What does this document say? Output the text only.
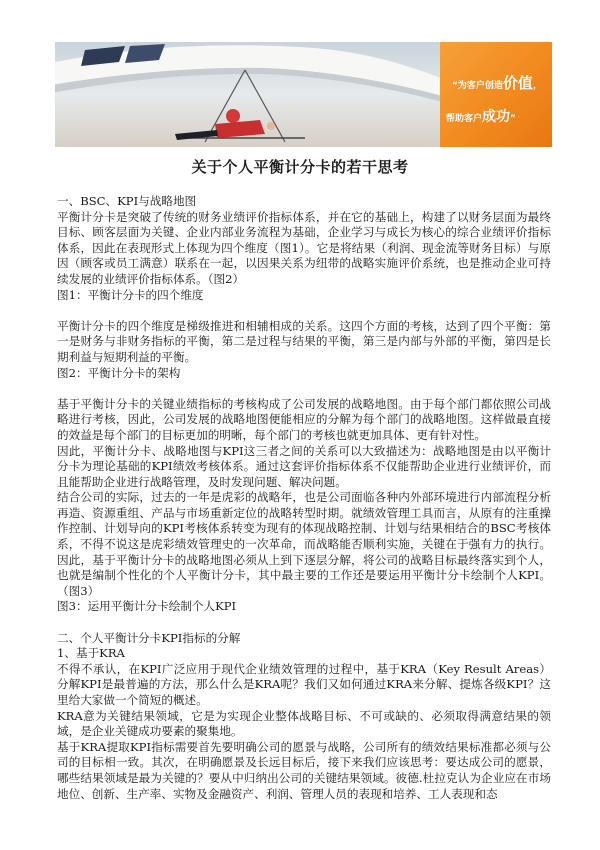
“为客户创造价值，
帮助客户成功”
关于个人平衡计分卡的若干思考

一、BSC、KPI与战略地图

平衡计分卡是突破了传统的财务业绩评价指标体系，并在它的基础上，构建了以财务层面为最终目标、顾客层面为关键、企业内部业务流程为基础，企业学习与成长为核心的综合业绩评价指标体系，因此在表现形式上体现为四个维度（图1）。它是将结果（利润、现金流等财务目标）与原因（顾客或员工满意）联系在一起，以因果关系为纽带的战略实施评价系统，也是推动企业可持续发展的业绩评价指标体系。（图2）

图1：平衡计分卡的四个维度

平衡计分卡的四个维度是梯级推进和相辅相成的关系。这四个方面的考核，达到了四个平衡：第一是财务与非财务指标的平衡，第二是过程与结果的平衡，第三是内部与外部的平衡，第四是长期利益与短期利益的平衡。

图2：平衡计分卡的架构

基于平衡计分卡的关键业绩指标的考核构成了公司发展的战略地图。由于每个部门都依照公司战略进行考核，因此，公司发展的战略地图便能相应的分解为每个部门的战略地图。这样做最直接的效益是每个部门的目标更加的明晰，每个部门的考核也就更加具体、更有针对性。

因此，平衡计分卡、战略地图与KPI这三者之间的关系可以大致描述为：战略地图是由以平衡计分卡为理论基础的KPI绩效考核体系。通过这套评价指标体系不仅能帮助企业进行业绩评价，而且能帮助企业进行战略管理，及时发现问题、解决问题。

结合公司的实际，过去的一年是虎彩的战略年，也是公司面临各种内外部环境进行内部流程分析再造、资源重组、产品与市场重新定位的战略转型时期。就绩效管理工具而言，从原有的注重操作控制、计划导向的KPI考核体系转变为现有的体现战略控制、计划与结果相结合的BSC考核体系，不得不说这是虎彩绩效管理史的一次革命，而战略能否顺利实施，关键在于强有力的执行。因此，基于平衡计分卡的战略地图必须从上到下逐层分解，将公司的战略目标最终落实到个人，也就是编制个性化的个人平衡计分卡，其中最主要的工作还是要运用平衡计分卡绘制个人KPI。（图3）

图3：运用平衡计分卡绘制个人KPI

二、个人平衡计分卡KPI指标的分解

1、基于KRA

不得不承认，在KPI广泛应用于现代企业绩效管理的过程中，基于KRA（Key Result Areas）分解KPI是最普遍的方法，那么什么是KRA呢？我们又如何通过KRA来分解、提炼各级KPI？这里给大家做一个简短的概述。

KRA意为关键结果领域，它是为实现企业整体战略目标、不可或缺的、必须取得满意结果的领域，是企业关键成功要素的聚集地。

基于KRA提取KPI指标需要首先要明确公司的愿景与战略，公司所有的绩效结果标准都必须与公司的目标相一致。其次，在明确愿景及长远目标后，接下来我们应该思考：要达成公司的愿景，哪些结果领域是最为关键的？要从中归纳出公司的关键结果领域。彼德.杜拉克认为企业应在市场地位、创新、生产率、实物及金融资产、利润、管理人员的表现和培养、工人表现和态
